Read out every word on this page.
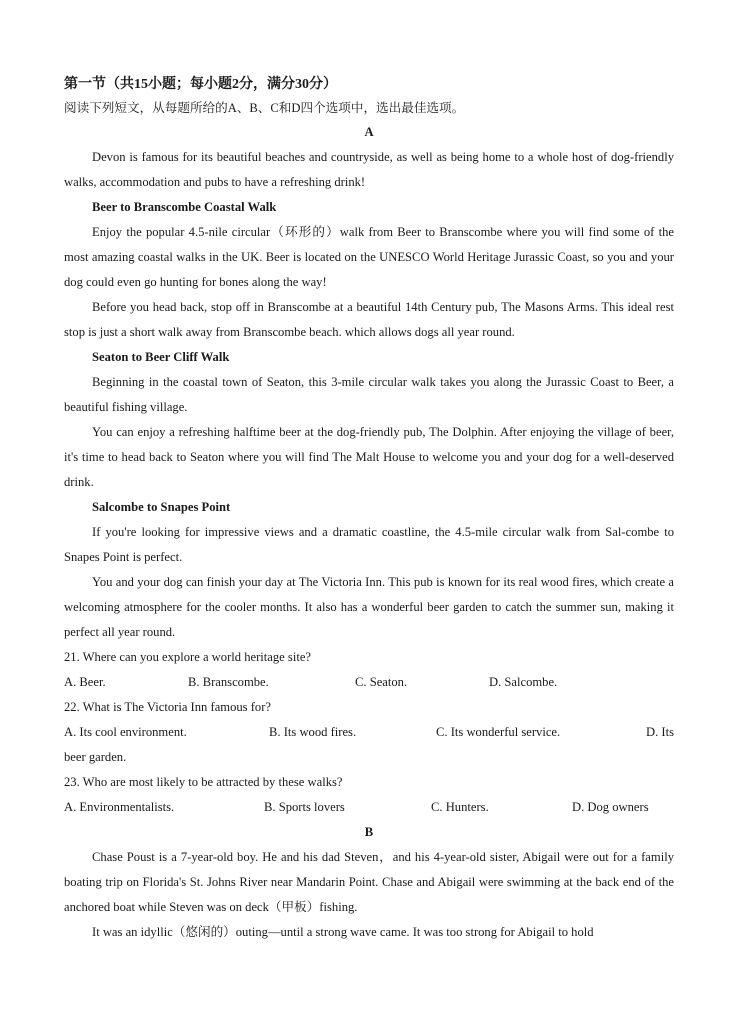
第一节（共15小题；每小题2分，满分30分）
阅读下列短文，从每题所给的A、B、C和D四个选项中，选出最佳选项。
A

Devon is famous for its beautiful beaches and countryside, as well as being home to a whole host of dog-friendly walks, accommodation and pubs to have a refreshing drink!

Beer to Branscombe Coastal Walk

Enjoy the popular 4.5-nile circular（环形的）walk from Beer to Branscombe where you will find some of the most amazing coastal walks in the UK. Beer is located on the UNESCO World Heritage Jurassic Coast, so you and your dog could even go hunting for bones along the way!

Before you head back, stop off in Branscombe at a beautiful 14th Century pub, The Masons Arms. This ideal rest stop is just a short walk away from Branscombe beach. which allows dogs all year round.

Seaton to Beer Cliff Walk

Beginning in the coastal town of Seaton, this 3-mile circular walk takes you along the Jurassic Coast to Beer, a beautiful fishing village.

You can enjoy a refreshing halftime beer at the dog-friendly pub, The Dolphin. After enjoying the village of beer, it's time to head back to Seaton where you will find The Malt House to welcome you and your dog for a well-deserved drink.

Salcombe to Snapes Point

If you're looking for impressive views and a dramatic coastline, the 4.5-mile circular walk from Sal-combe to Snapes Point is perfect.

You and your dog can finish your day at The Victoria Inn. This pub is known for its real wood fires, which create a welcoming atmosphere for the cooler months. It also has a wonderful beer garden to catch the summer sun, making it perfect all year round.

21. Where can you explore a world heritage site?

A. Beer.	B. Branscombe.	C. Seaton.	D. Salcombe.

22. What is The Victoria Inn famous for?

A. Its cool environment.	B. Its wood fires.	C. Its wonderful service.	D. Its
beer garden.

23. Who are most likely to be attracted by these walks?

A. Environmentalists.	B. Sports lovers	C. Hunters.	D. Dog owners
B

Chase Poust is a 7-year-old boy. He and his dad Steven，and his 4-year-old sister, Abigail were out for a family boating trip on Florida's St. Johns River near Mandarin Point. Chase and Abigail were swimming at the back end of the anchored boat while Steven was on deck（甲板）fishing.

It was an idyllic（悠闲的）outing—until a strong wave came. It was too strong for Abigail to hold
